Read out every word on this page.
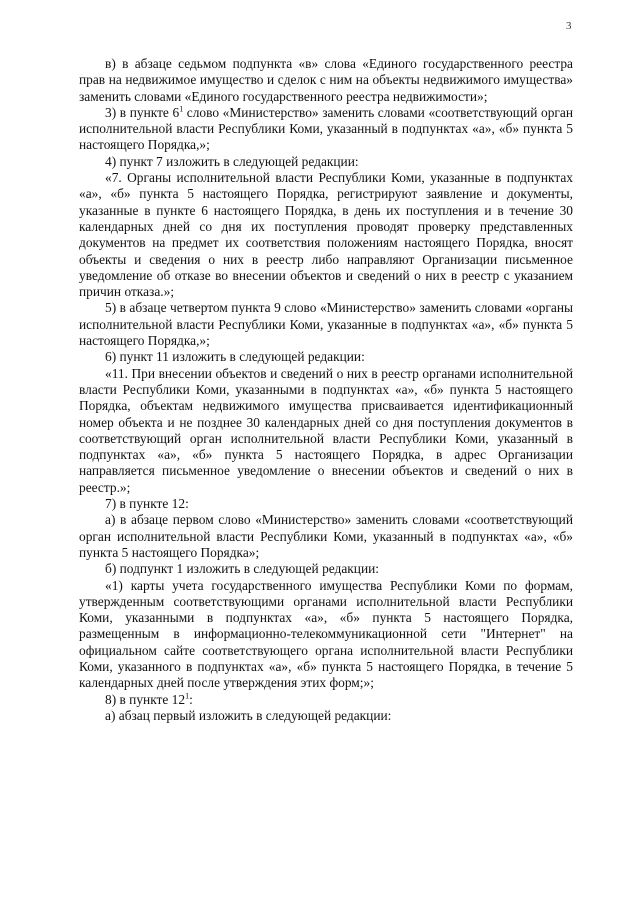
3

в) в абзаце седьмом подпункта «в» слова «Единого государственного реестра прав на недвижимое имущество и сделок с ним на объекты недвижимого имущества» заменить словами «Единого государственного реестра недвижимости»;

3) в пункте $6^1$ слово «Министерство» заменить словами «соответствующий орган исполнительной власти Республики Коми, указанный в подпунктах «а», «б» пункта 5 настоящего Порядка,»;

4) пункт 7 изложить в следующей редакции:

«7. Органы исполнительной власти Республики Коми, указанные в подпунктах «а», «б» пункта 5 настоящего Порядка, регистрируют заявление и документы, указанные в пункте 6 настоящего Порядка, в день их поступления и в течение 30 календарных дней со дня их поступления проводят проверку представленных документов на предмет их соответствия положениям настоящего Порядка, вносят объекты и сведения о них в реестр либо направляют Организации письменное уведомление об отказе во внесении объектов и сведений о них в реестр с указанием причин отказа.»;

5) в абзаце четвертом пункта 9 слово «Министерство» заменить словами «органы исполнительной власти Республики Коми, указанные в подпунктах «а», «б» пункта 5 настоящего Порядка,»;

6) пункт 11 изложить в следующей редакции:

«11. При внесении объектов и сведений о них в реестр органами исполнительной власти Республики Коми, указанными в подпунктах «а», «б» пункта 5 настоящего Порядка, объектам недвижимого имущества присваивается идентификационный номер объекта и не позднее 30 календарных дней со дня поступления документов в соответствующий орган исполнительной власти Республики Коми, указанный в подпунктах «а», «б» пункта 5 настоящего Порядка, в адрес Организации направляется письменное уведомление о внесении объектов и сведений о них в реестр.»;

7) в пункте 12:

а) в абзаце первом слово «Министерство» заменить словами «соответствующий орган исполнительной власти Республики Коми, указанный в подпунктах «а», «б» пункта 5 настоящего Порядка»;

б) подпункт 1 изложить в следующей редакции:

«1) карты учета государственного имущества Республики Коми по формам, утвержденным соответствующими органами исполнительной власти Республики Коми, указанными в подпунктах «а», «б» пункта 5 настоящего Порядка, размещенным в информационно-телекоммуникационной сети "Интернет" на официальном сайте соответствующего органа исполнительной власти Республики Коми, указанного в подпунктах «а», «б» пункта 5 настоящего Порядка, в течение 5 календарных дней после утверждения этих форм;»;

8) в пункте $12^1$:

а) абзац первый изложить в следующей редакции:
